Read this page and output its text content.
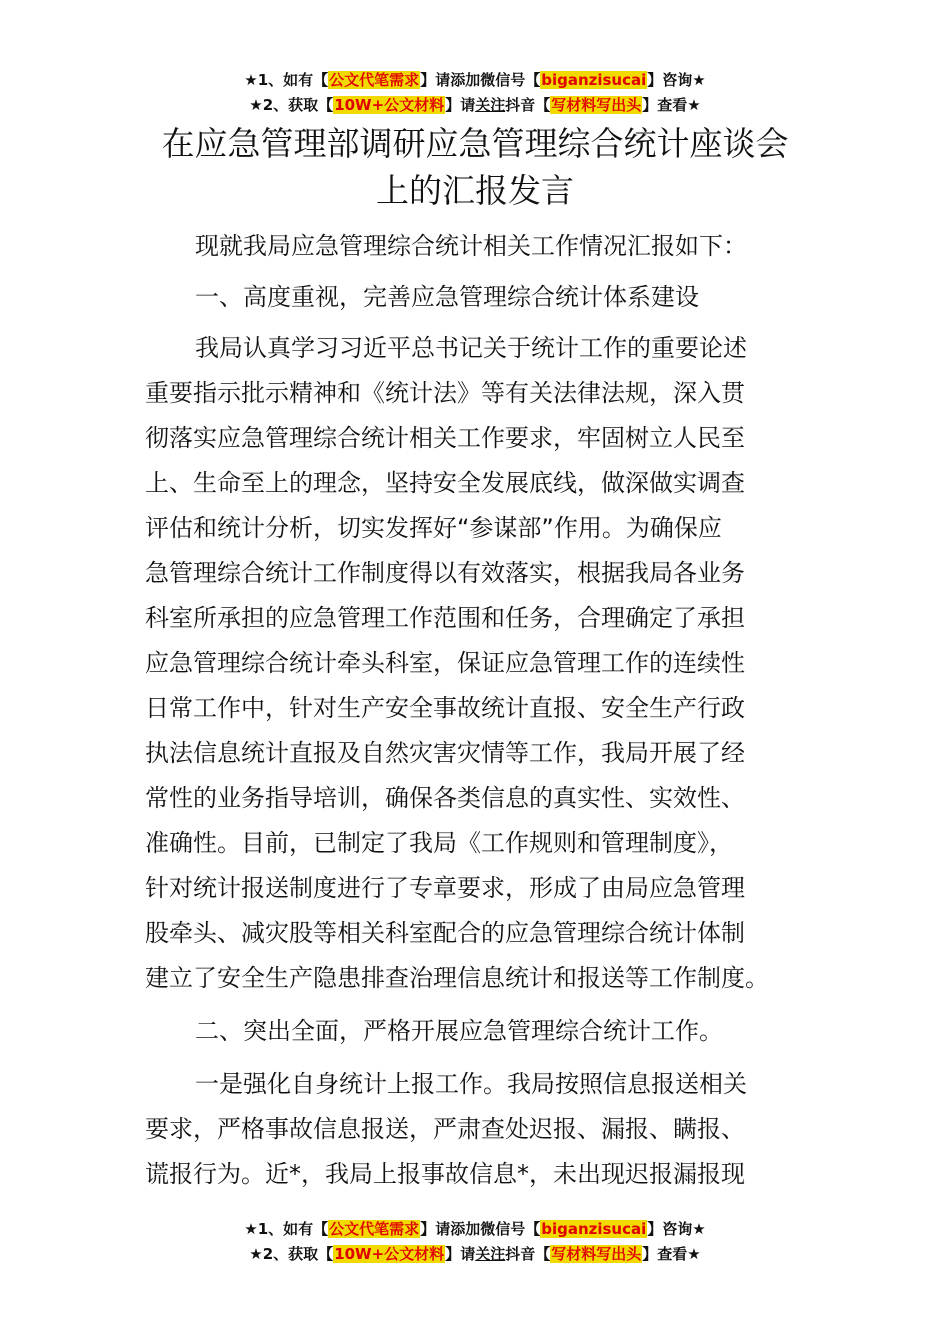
★1、如有【公文代笔需求】请添加微信号【biganzisucai】咨询★
★2、获取【10W+公文材料】请关注抖音【写材料写出头】查看★
在应急管理部调研应急管理综合统计座谈会
上的汇报发言
现就我局应急管理综合统计相关工作情况汇报如下：
一、高度重视，完善应急管理综合统计体系建设
我局认真学习习近平总书记关于统计工作的重要论述
重要指示批示精神和《统计法》等有关法律法规，深入贯
彻落实应急管理综合统计相关工作要求，牢固树立人民至
上、生命至上的理念，坚持安全发展底线，做深做实调查
评估和统计分析，切实发挥好“参谋部”作用。为确保应
急管理综合统计工作制度得以有效落实，根据我局各业务
科室所承担的应急管理工作范围和任务，合理确定了承担
应急管理综合统计牵头科室，保证应急管理工作的连续性
日常工作中，针对生产安全事故统计直报、安全生产行政
执法信息统计直报及自然灾害灾情等工作，我局开展了经
常性的业务指导培训，确保各类信息的真实性、实效性、
准确性。目前，已制定了我局《工作规则和管理制度》，
针对统计报送制度进行了专章要求，形成了由局应急管理
股牵头、减灾股等相关科室配合的应急管理综合统计体制
建立了安全生产隐患排查治理信息统计和报送等工作制度。
二、突出全面，严格开展应急管理综合统计工作。
一是强化自身统计上报工作。我局按照信息报送相关
要求，严格事故信息报送，严肃查处迟报、漏报、瞒报、
谎报行为。近*，我局上报事故信息*，未出现迟报漏报现
★1、如有【公文代笔需求】请添加微信号【biganzisucai】咨询★
★2、获取【10W+公文材料】请关注抖音【写材料写出头】查看★
